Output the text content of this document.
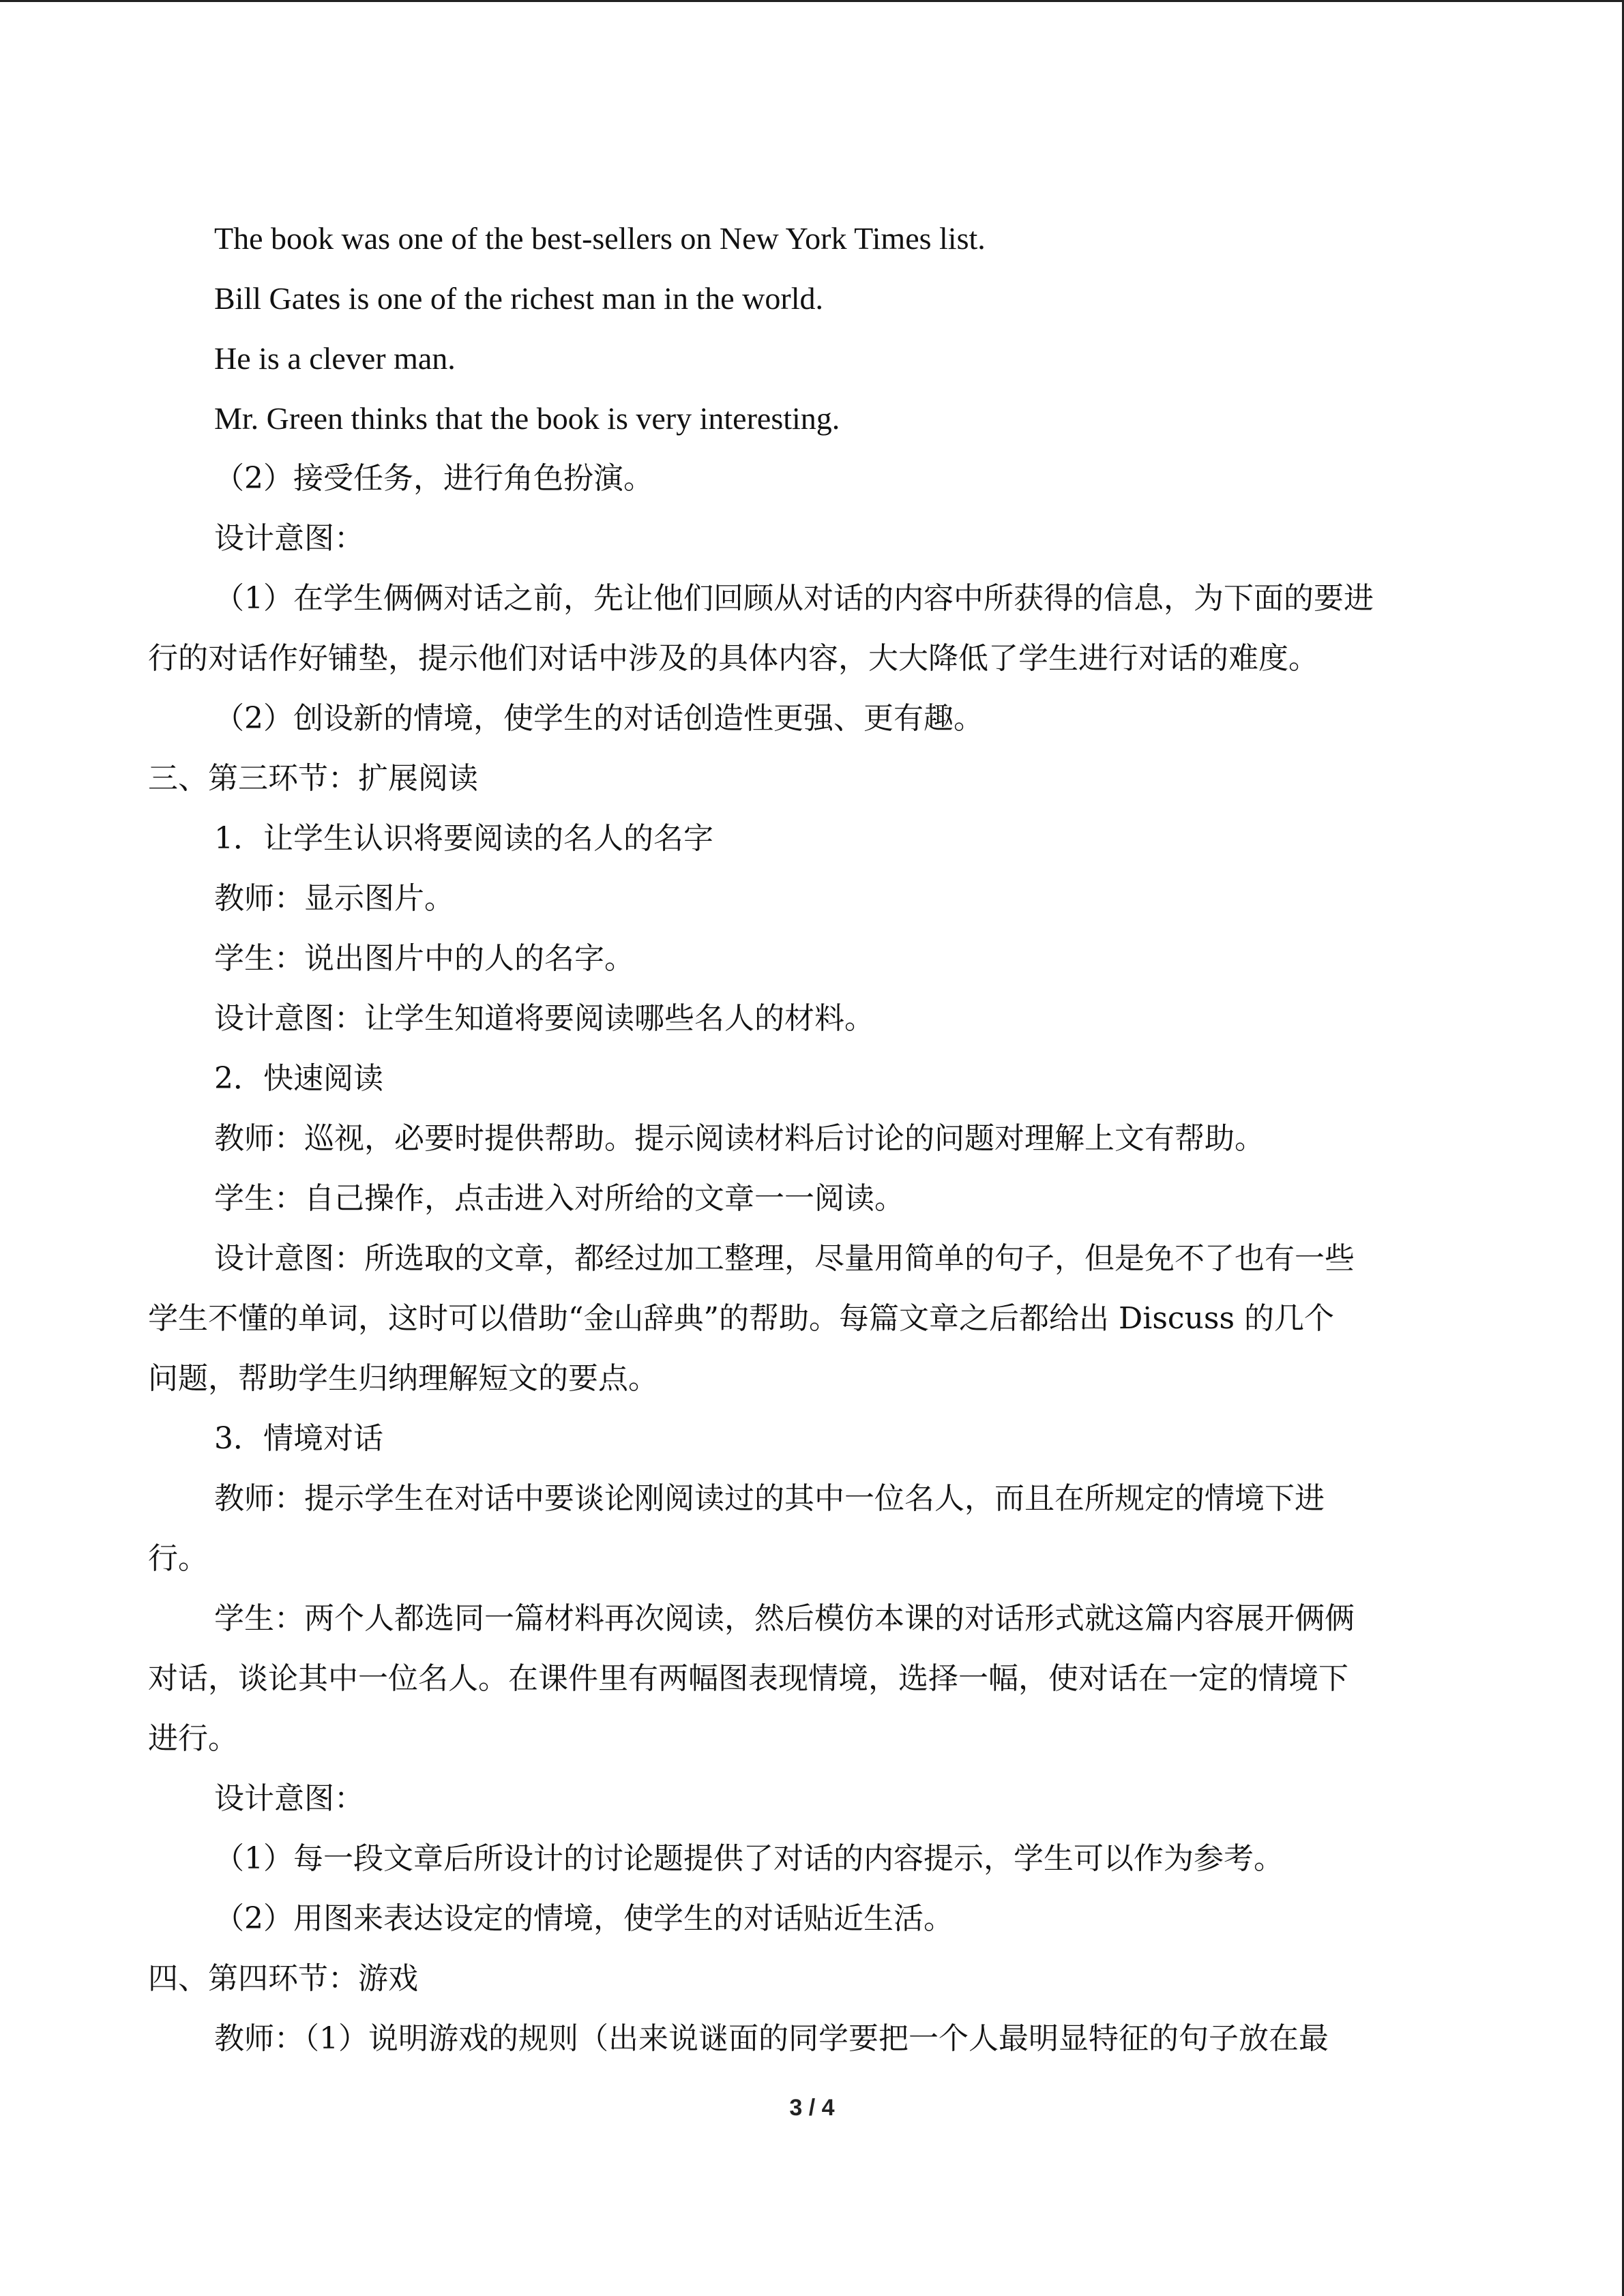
The book was one of the best-sellers on New York Times list.

Bill Gates is one of the richest man in the world.

He is a clever man.

Mr. Green thinks that the book is very interesting.

（2）接受任务，进行角色扮演。

设计意图：

（1）在学生俩俩对话之前，先让他们回顾从对话的内容中所获得的信息，为下面的要进

行的对话作好铺垫，提示他们对话中涉及的具体内容，大大降低了学生进行对话的难度。

（2）创设新的情境，使学生的对话创造性更强、更有趣。

三、第三环节：扩展阅读

1．让学生认识将要阅读的名人的名字

教师：显示图片。

学生：说出图片中的人的名字。

设计意图：让学生知道将要阅读哪些名人的材料。

2．快速阅读

教师：巡视，必要时提供帮助。提示阅读材料后讨论的问题对理解上文有帮助。

学生：自己操作，点击进入对所给的文章一一阅读。

设计意图：所选取的文章，都经过加工整理，尽量用简单的句子，但是免不了也有一些

学生不懂的单词，这时可以借助“金山辞典”的帮助。每篇文章之后都给出 Discuss 的几个

问题，帮助学生归纳理解短文的要点。

3．情境对话

教师：提示学生在对话中要谈论刚阅读过的其中一位名人，而且在所规定的情境下进

行。

学生：两个人都选同一篇材料再次阅读，然后模仿本课的对话形式就这篇内容展开俩俩

对话，谈论其中一位名人。在课件里有两幅图表现情境，选择一幅，使对话在一定的情境下

进行。

设计意图：

（1）每一段文章后所设计的讨论题提供了对话的内容提示，学生可以作为参考。

（2）用图来表达设定的情境，使学生的对话贴近生活。

四、第四环节：游戏

教师：（1）说明游戏的规则（出来说谜面的同学要把一个人最明显特征的句子放在最

3 / 4
